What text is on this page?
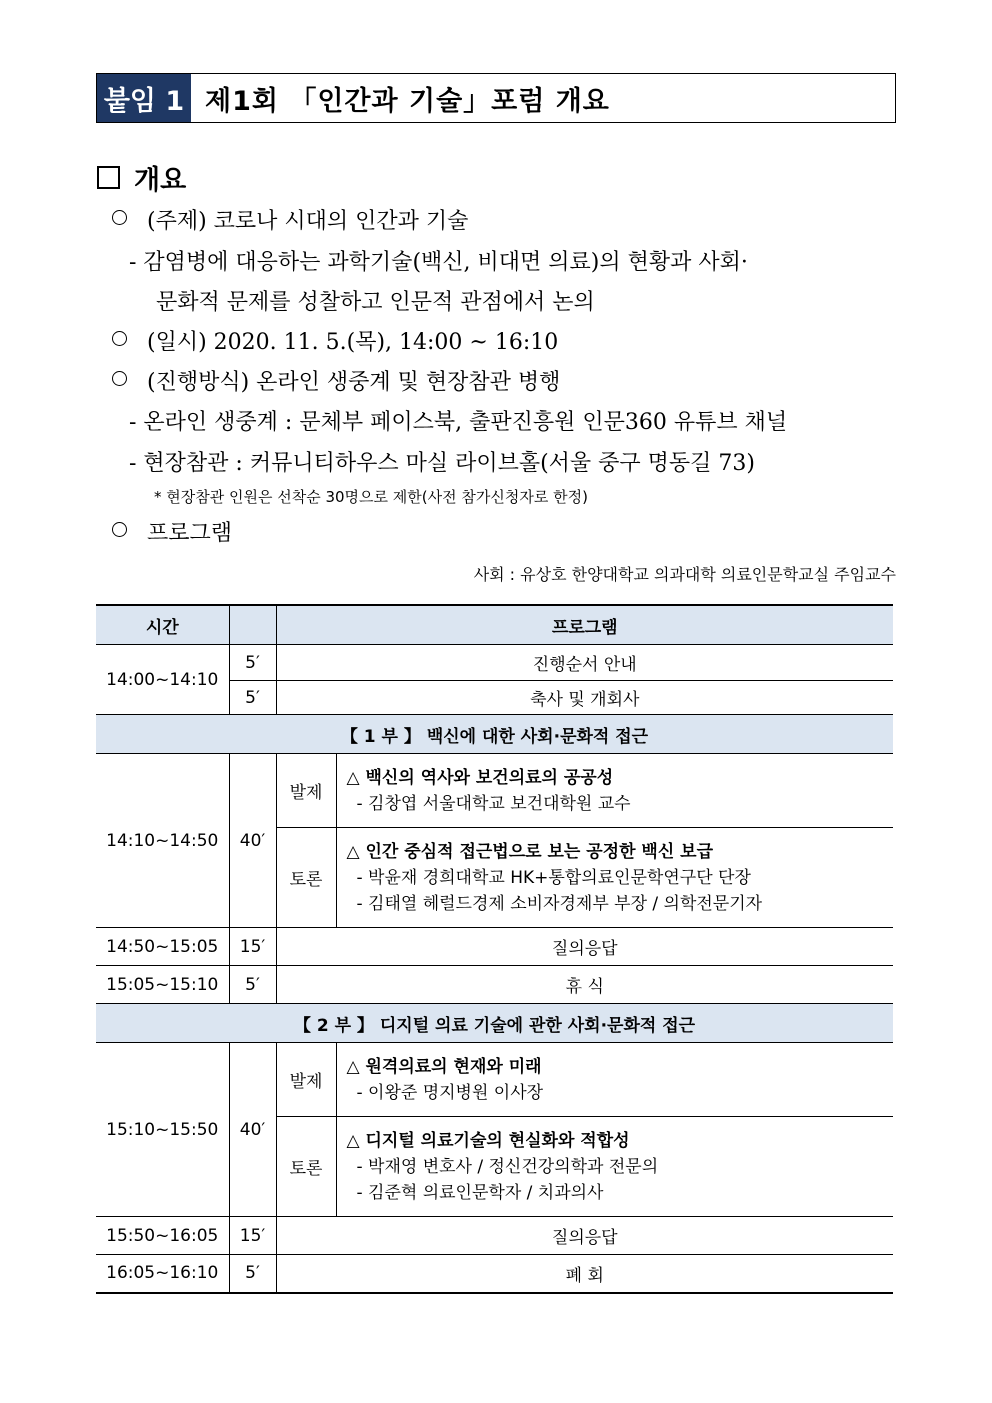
붙임 1 제1회 「인간과 기술」포럼 개요
개요
(주제) 코로나 시대의 인간과 기술
- 감염병에 대응하는 과학기술(백신, 비대면 의료)의 현황과 사회·
문화적 문제를 성찰하고 인문적 관점에서 논의
(일시) 2020. 11. 5.(목), 14:00 ~ 16:10
(진행방식) 온라인 생중계 및 현장참관 병행
- 온라인 생중계 : 문체부 페이스북, 출판진흥원 인문360 유튜브 채널
- 현장참관 : 커뮤니티하우스 마실 라이브홀(서울 중구 명동길 73)
* 현장참관 인원은 선착순 30명으로 제한(사전 참가신청자로 한정)
프로그램
사회 : 유상호 한양대학교 의과대학 의료인문학교실 주임교수
시간		프로그램	
14:00~14:10	5′	진행순서 안내	
	5′	축사 및 개회사	
【 1 부 】 백신에 대한 사회·문화적 접근			
14:10~14:50	40′	발제	△ 백신의 역사와 보건의료의 공공성
- 김창엽 서울대학교 보건대학원 교수

		토론	△ 인간 중심적 접근법으로 보는 공정한 백신 보급
- 박윤재 경희대학교 HK+통합의료인문학연구단 단장
- 김태열 헤럴드경제 소비자경제부 부장 / 의학전문기자

14:50~15:05	15′	질의응답	
15:05~15:10	5′	휴 식	
【 2 부 】 디지털 의료 기술에 관한 사회·문화적 접근			
15:10~15:50	40′	발제	△ 원격의료의 현재와 미래
- 이왕준 명지병원 이사장

		토론	△ 디지털 의료기술의 현실화와 적합성
- 박재영 변호사 / 정신건강의학과 전문의
- 김준혁 의료인문학자 / 치과의사

15:50~16:05	15′	질의응답	
16:05~16:10	5′	폐 회	
